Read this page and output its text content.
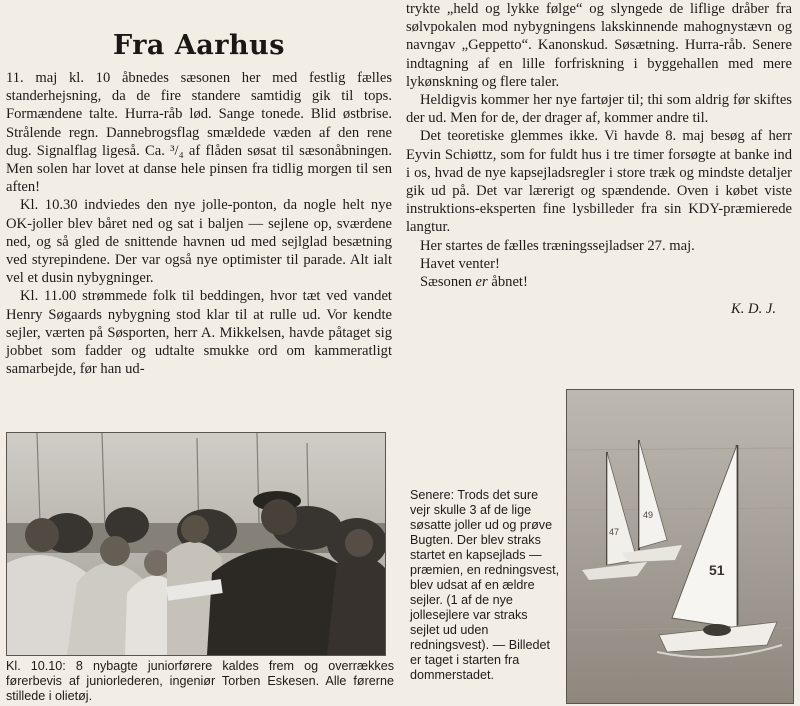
Fra Aarhus

11. maj kl. 10 åbnedes sæsonen her med festlig fælles standerhejsning, da de fire standere samtidig gik til tops. Formændene talte. Hurra-råb lød. Sange tonede. Blid østbrise. Strålende regn. Dannebrogsflag smældede væden af den rene dug. Signalflag ligeså. Ca. ³/₄ af flåden søsat til sæsonåbningen. Men solen har lovet at danse hele pinsen fra tidlig morgen til sen aften!

Kl. 10.30 indviedes den nye jolle-ponton, da nogle helt nye OK-joller blev båret ned og sat i baljen — sejlene op, sværdene ned, og så gled de snittende havnen ud med sejlglad besætning ved styrepindene. Der var også nye optimister til parade. Alt ialt vel et dusin nybygninger.

Kl. 11.00 strømmede folk til beddingen, hvor tæt ved vandet Henry Søgaards nybygning stod klar til at rulle ud. Vor kendte sejler, værten på Søsporten, herr A. Mikkelsen, havde påtaget sig jobbet som fadder og udtalte smukke ord om kammeratligt samarbejde, før han ud-

trykte „held og lykke følge“ og slyngede de liflige dråber fra sølvpokalen mod nybygningens lakskinnende mahognystævn og navngav „Geppetto“. Kanonskud. Søsætning. Hurra-råb. Senere indtagning af en lille forfriskning i byggehallen med mere lykønskning og flere taler.

Heldigvis kommer her nye fartøjer til; thi som aldrig før skiftes der ud. Men for de, der drager af, kommer andre til.

Det teoretiske glemmes ikke. Vi havde 8. maj besøg af herr Eyvin Schiøttz, som for fuldt hus i tre timer forsøgte at banke ind i os, hvad de nye kapsejladsregler i store træk og mindste detaljer gik ud på. Det var lærerigt og spændende. Oven i købet viste instruktions-eksperten fine lysbilleder fra sin KDY-præmierede langtur.

Her startes de fælles træningssejladser 27. maj.

Havet venter!

Sæsonen er åbnet!

K. D. J.
Kl. 10.10: 8 nybagte juniorførere kaldes frem og overrækkes førerbevis af juniorlederen, ingeniør Torben Eskesen. Alle førerne stillede i olietøj.
47
49
51
Senere: Trods det sure vejr skulle 3 af de lige søsatte joller ud og prøve Bugten. Der blev straks startet en kapsejlads — præmien, en redningsvest, blev udsat af en ældre sejler. (1 af de nye jollesejlere var straks sejlet ud uden redningsvest). — Billedet er taget i starten fra dommerstadet.
